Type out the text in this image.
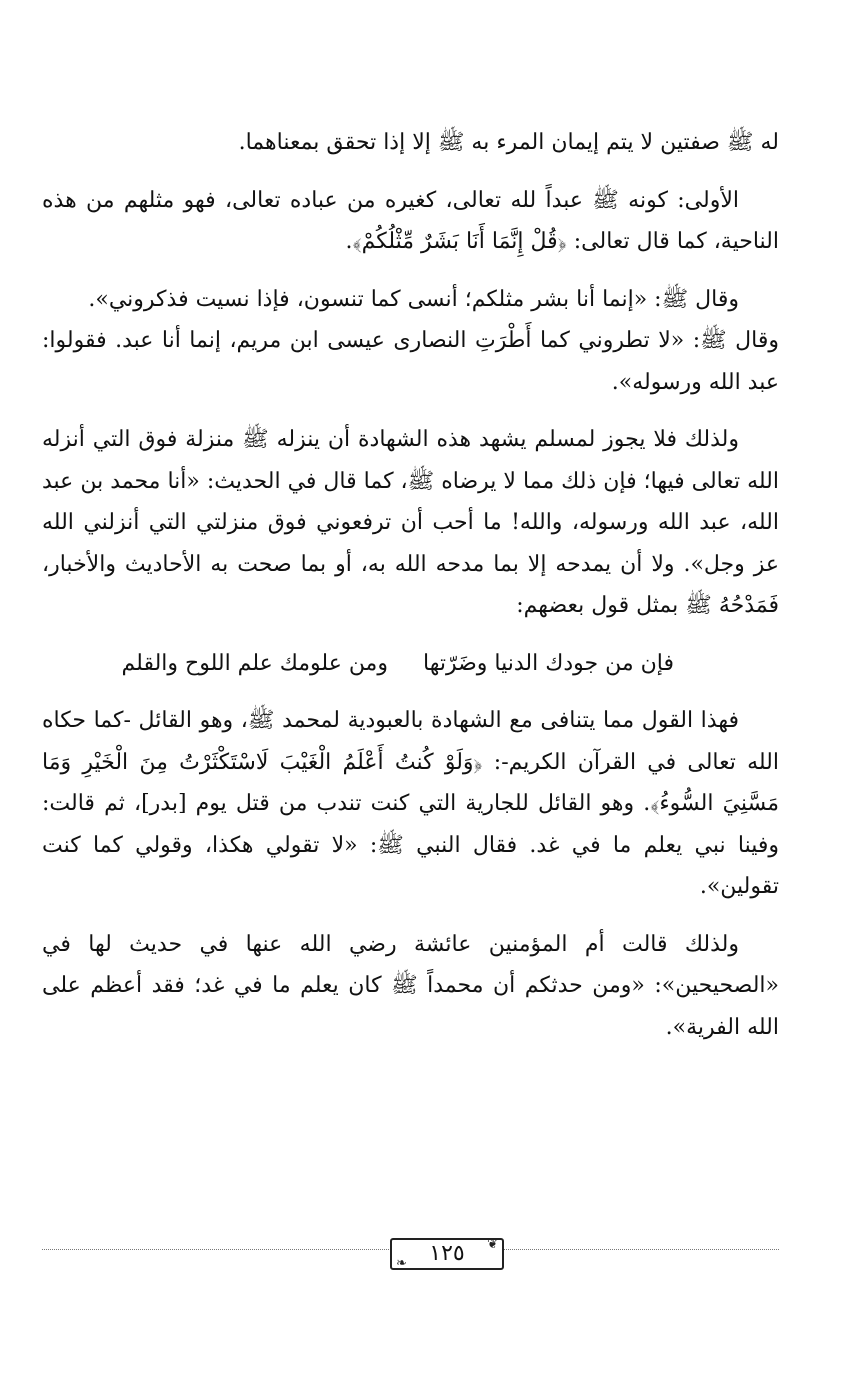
له ﷺ صفتين لا يتم إيمان المرء به ﷺ إلا إذا تحقق بمعناهما.

الأولى: كونه ﷺ عبداً لله تعالى، كغيره من عباده تعالى، فهو مثلهم من هذه الناحية، كما قال تعالى: ﴿قُلْ إِنَّمَا أَنَا بَشَرٌ مِّثْلُكُمْ﴾.

وقال ﷺ: «إنما أنا بشر مثلكم؛ أنسى كما تنسون، فإذا نسيت فذكروني».

وقال ﷺ: «لا تطروني كما أَطْرَتِ النصارى عيسى ابن مريم، إنما أنا عبد. فقولوا: عبد الله ورسوله».

ولذلك فلا يجوز لمسلم يشهد هذه الشهادة أن ينزله ﷺ منزلة فوق التي أنزله الله تعالى فيها؛ فإن ذلك مما لا يرضاه ﷺ، كما قال في الحديث: «أنا محمد بن عبد الله، عبد الله ورسوله، والله! ما أحب أن ترفعوني فوق منزلتي التي أنزلني الله عز وجل». ولا أن يمدحه إلا بما مدحه الله به، أو بما صحت به الأحاديث والأخبار، فَمَدْحُهُ ﷺ بمثل قول بعضهم:

فإن من جودك الدنيا وضَرّتها ومن علومك علم اللوح والقلم

فهذا القول مما يتنافى مع الشهادة بالعبودية لمحمد ﷺ، وهو القائل -كما حكاه الله تعالى في القرآن الكريم-: ﴿وَلَوْ كُنتُ أَعْلَمُ الْغَيْبَ لَاسْتَكْثَرْتُ مِنَ الْخَيْرِ وَمَا مَسَّنِيَ السُّوءُ﴾. وهو القائل للجارية التي كنت تندب من قتل يوم [بدر]، ثم قالت: وفينا نبي يعلم ما في غد. فقال النبي ﷺ: «لا تقولي هكذا، وقولي كما كنت تقولين».

ولذلك قالت أم المؤمنين عائشة رضي الله عنها في حديث لها في «الصحيحين»: «ومن حدثكم أن محمداً ﷺ كان يعلم ما في غد؛ فقد أعظم على الله الفرية».

❦
١٢٥
❧
